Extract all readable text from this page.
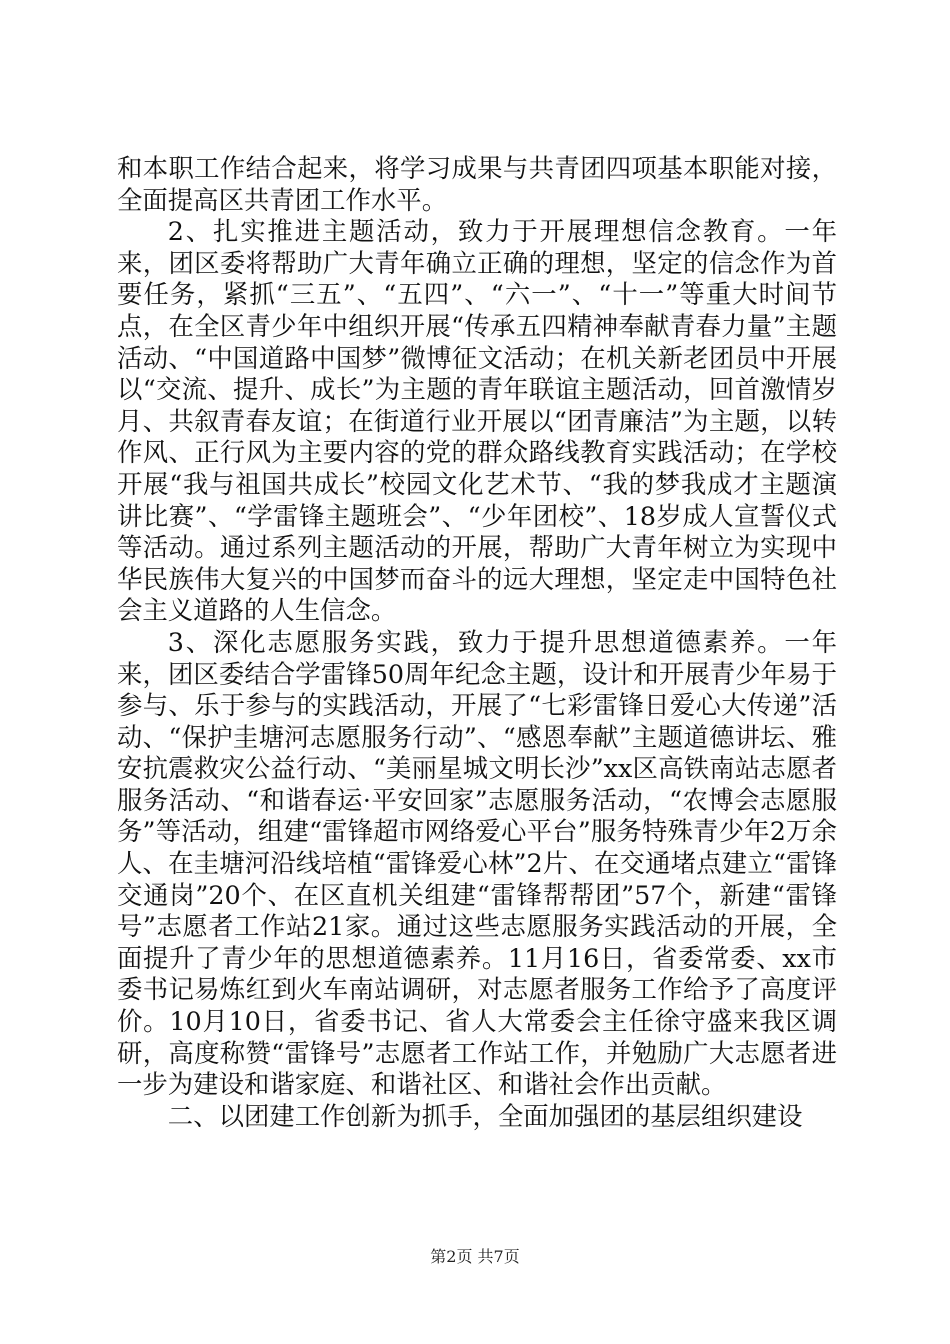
和本职工作结合起来，将学习成果与共青团四项基本职能对接，全面提高区共青团工作水平。

2、扎实推进主题活动，致力于开展理想信念教育。一年来，团区委将帮助广大青年确立正确的理想，坚定的信念作为首要任务，紧抓“三五”、“五四”、“六一”、“十一”等重大时间节点，在全区青少年中组织开展“传承五四精神奉献青春力量”主题活动、“中国道路中国梦”微博征文活动；在机关新老团员中开展以“交流、提升、成长”为主题的青年联谊主题活动，回首激情岁月、共叙青春友谊；在街道行业开展以“团青廉洁”为主题，以转作风、正行风为主要内容的党的群众路线教育实践活动；在学校开展“我与祖国共成长”校园文化艺术节、“我的梦我成才主题演讲比赛”、“学雷锋主题班会”、“少年团校”、18岁成人宣誓仪式等活动。通过系列主题活动的开展，帮助广大青年树立为实现中华民族伟大复兴的中国梦而奋斗的远大理想，坚定走中国特色社会主义道路的人生信念。

3、深化志愿服务实践，致力于提升思想道德素养。一年来，团区委结合学雷锋50周年纪念主题，设计和开展青少年易于参与、乐于参与的实践活动，开展了“七彩雷锋日爱心大传递”活动、“保护圭塘河志愿服务行动”、“感恩奉献”主题道德讲坛、雅安抗震救灾公益行动、“美丽星城文明长沙”xx区高铁南站志愿者服务活动、“和谐春运·平安回家”志愿服务活动，“农博会志愿服务”等活动，组建“雷锋超市网络爱心平台”服务特殊青少年2万余人、在圭塘河沿线培植“雷锋爱心林”2片、在交通堵点建立“雷锋交通岗”20个、在区直机关组建“雷锋帮帮团”57个，新建“雷锋号”志愿者工作站21家。通过这些志愿服务实践活动的开展，全面提升了青少年的思想道德素养。11月16日，省委常委、xx市委书记易炼红到火车南站调研，对志愿者服务工作给予了高度评价。10月10日，省委书记、省人大常委会主任徐守盛来我区调研，高度称赞“雷锋号”志愿者工作站工作，并勉励广大志愿者进一步为建设和谐家庭、和谐社区、和谐社会作出贡献。

二、以团建工作创新为抓手，全面加强团的基层组织建设

第2页 共7页
